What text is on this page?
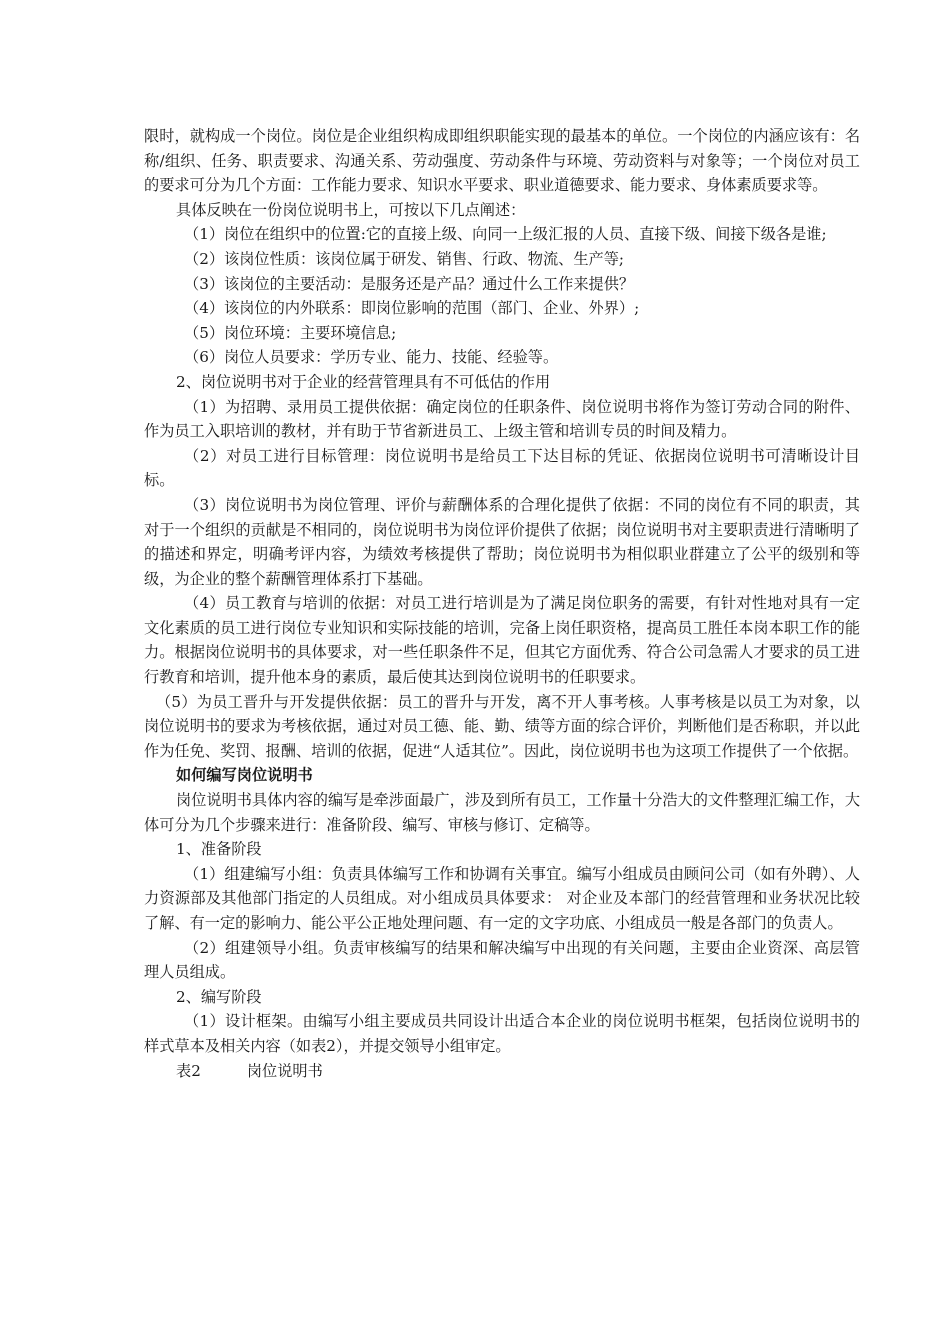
限时，就构成一个岗位。岗位是企业组织构成即组织职能实现的最基本的单位。一个岗位的内涵应该有：名称/组织、任务、职责要求、沟通关系、劳动强度、劳动条件与环境、劳动资料与对象等；一个岗位对员工的要求可分为几个方面：工作能力要求、知识水平要求、职业道德要求、能力要求、身体素质要求等。

具体反映在一份岗位说明书上，可按以下几点阐述：

（1）岗位在组织中的位置:它的直接上级、向同一上级汇报的人员、直接下级、间接下级各是谁;

（2）该岗位性质：该岗位属于研发、销售、行政、物流、生产等;

（3）该岗位的主要活动：是服务还是产品？通过什么工作来提供？

（4）该岗位的内外联系：即岗位影响的范围（部门、企业、外界）;

（5）岗位环境：主要环境信息;

（6）岗位人员要求：学历专业、能力、技能、经验等。

2、岗位说明书对于企业的经营管理具有不可低估的作用

（1）为招聘、录用员工提供依据：确定岗位的任职条件、岗位说明书将作为签订劳动合同的附件、作为员工入职培训的教材，并有助于节省新进员工、上级主管和培训专员的时间及精力。

（2）对员工进行目标管理：岗位说明书是给员工下达目标的凭证、依据岗位说明书可清晰设计目标。

（3）岗位说明书为岗位管理、评价与薪酬体系的合理化提供了依据：不同的岗位有不同的职责，其对于一个组织的贡献是不相同的，岗位说明书为岗位评价提供了依据；岗位说明书对主要职责进行清晰明了的描述和界定，明确考评内容，为绩效考核提供了帮助；岗位说明书为相似职业群建立了公平的级别和等级，为企业的整个薪酬管理体系打下基础。

（4）员工教育与培训的依据：对员工进行培训是为了满足岗位职务的需要，有针对性地对具有一定文化素质的员工进行岗位专业知识和实际技能的培训，完备上岗任职资格，提高员工胜任本岗本职工作的能力。根据岗位说明书的具体要求，对一些任职条件不足，但其它方面优秀、符合公司急需人才要求的员工进行教育和培训，提升他本身的素质，最后使其达到岗位说明书的任职要求。

（5）为员工晋升与开发提供依据：员工的晋升与开发，离不开人事考核。人事考核是以员工为对象，以岗位说明书的要求为考核依据，通过对员工德、能、勤、绩等方面的综合评价，判断他们是否称职，并以此作为任免、奖罚、报酬、培训的依据，促进“人适其位”。因此，岗位说明书也为这项工作提供了一个依据。

如何编写岗位说明书

岗位说明书具体内容的编写是牵涉面最广，涉及到所有员工，工作量十分浩大的文件整理汇编工作，大体可分为几个步骤来进行：准备阶段、编写、审核与修订、定稿等。

1、准备阶段

（1）组建编写小组：负责具体编写工作和协调有关事宜。编写小组成员由顾问公司（如有外聘）、人力资源部及其他部门指定的人员组成。对小组成员具体要求： 对企业及本部门的经营管理和业务状况比较了解、有一定的影响力、能公平公正地处理问题、有一定的文字功底、小组成员一般是各部门的负责人。

（2）组建领导小组。负责审核编写的结果和解决编写中出现的有关问题，主要由企业资深、高层管理人员组成。

2、编写阶段

（1）设计框架。由编写小组主要成员共同设计出适合本企业的岗位说明书框架，包括岗位说明书的样式草本及相关内容（如表2），并提交领导小组审定。

表2	岗位说明书
